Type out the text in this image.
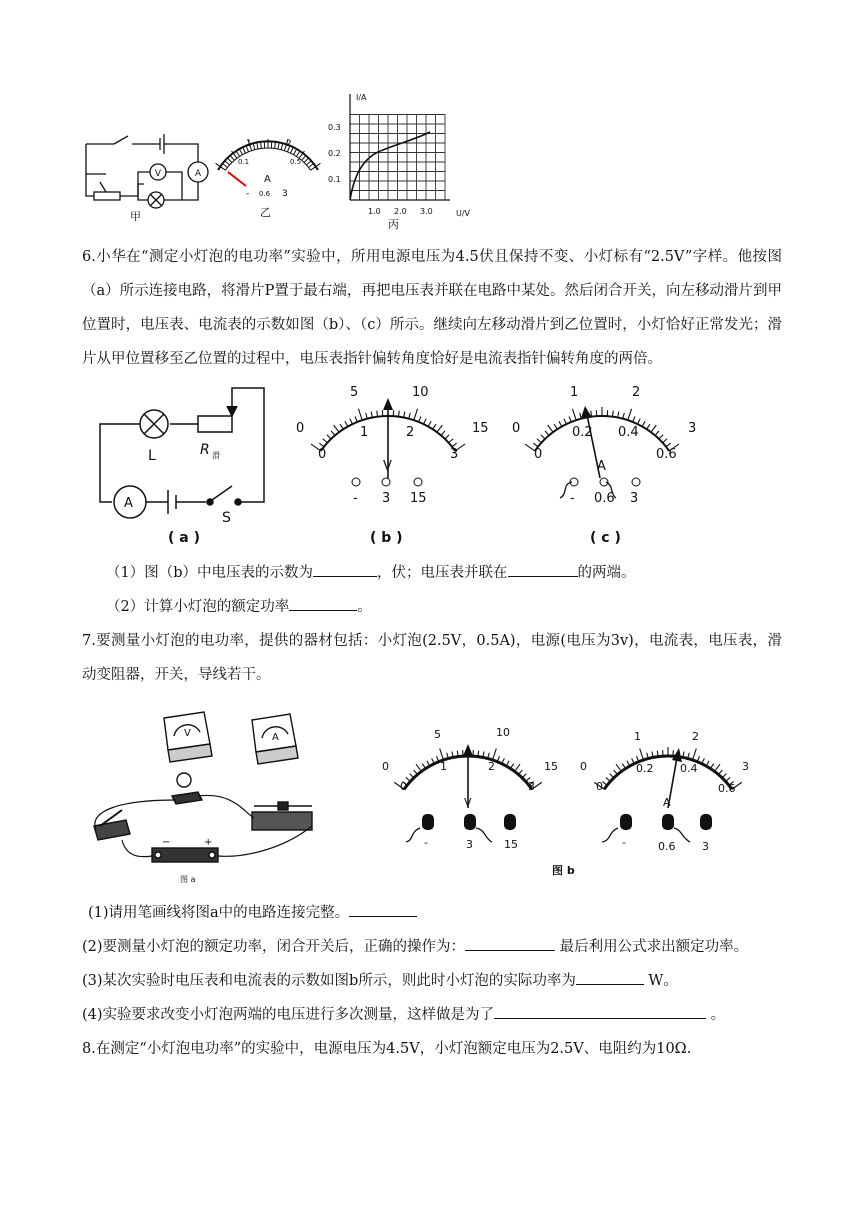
A
V
甲
1	2
0.1	0.5
A
- 0.6 3
乙
I/A
0.3
0.2
0.1
1.0 2.0 3.0	U/V
丙
6.小华在“测定小灯泡的电功率”实验中，所用电源电压为4.5伏且保持不变、小灯标有“2.5V”字样。他按图（a）所示连接电路，将滑片P置于最右端，再把电压表并联在电路中某处。然后闭合开关，向左移动滑片到甲位置时，电压表、电流表的示数如图（b）、（c）所示。继续向左移动滑片到乙位置时，小灯恰好正常发光；滑片从甲位置移至乙位置的过程中，电压表指针偏转角度恰好是电流表指针偏转角度的两倍。
L	R 滑
A
S
( a )
0
5	10
15
0
1	2
3
V
- 3 15
( b )
0
1	2
3
0
0.2 0.4
0.6
A
- 0.6 3
( c )
（1）图（b）中电压表的示数为	，伏；电压表并联在	的两端。
（2）计算小灯泡的额定功率	。
7.要测量小灯泡的电功率，提供的器材包括：小灯泡(2.5V，0.5A)，电源(电压为3v)，电流表，电压表，滑动变阻器，开关，导线若干。
V	A
−	+
图 a
0
5	10
15
0
1	2
3
V
-	3	15
0
1	2
3
0
0.2 0.4
0.6
A
-	0.6 3
图 b
(1)请用笔画线将图a中的电路连接完整。
(2)要测量小灯泡的额定功率，闭合开关后，正确的操作为：	最后利用公式求出额定功率。
(3)某次实验时电压表和电流表的示数如图b所示，则此时小灯泡的实际功率为	W。
(4)实验要求改变小灯泡两端的电压进行多次测量，这样做是为了	。
8.在测定“小灯泡电功率”的实验中，电源电压为4.5V，小灯泡额定电压为2.5V、电阻约为10Ω.
